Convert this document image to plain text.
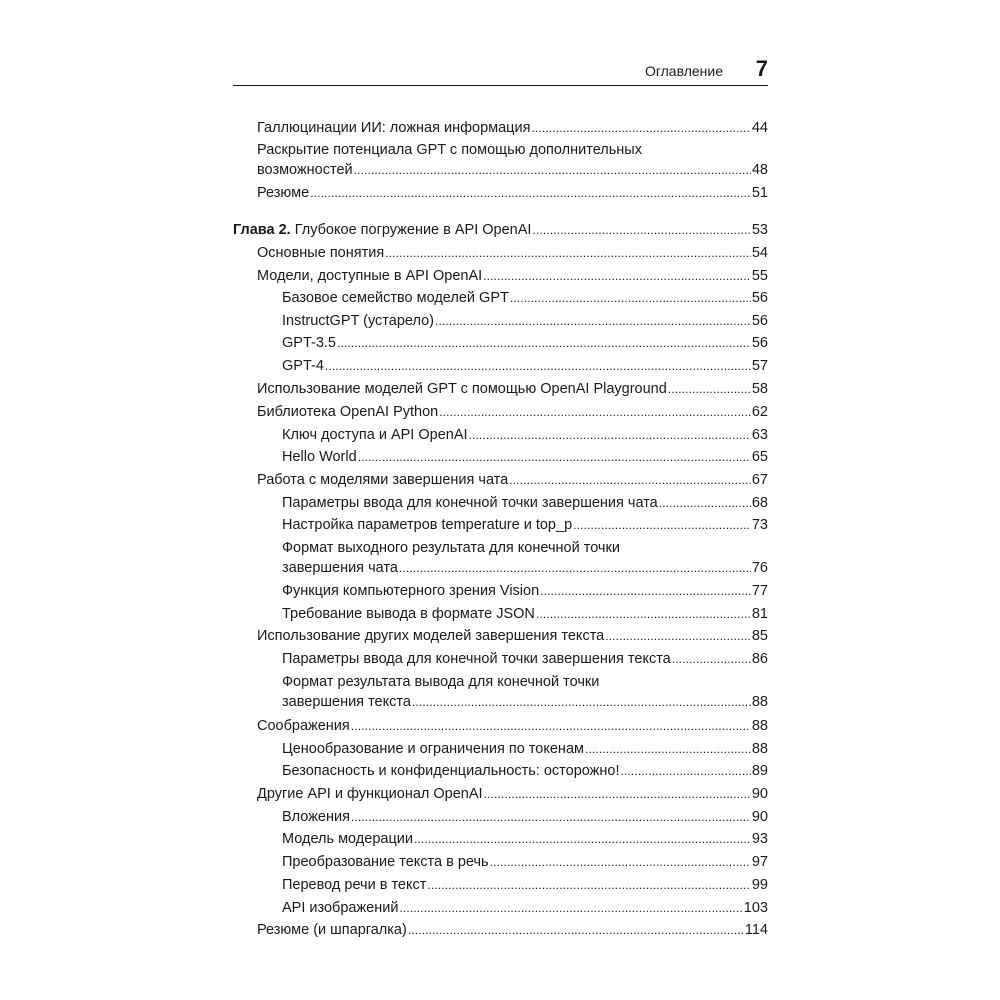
Оглавление 7
Галлюцинации ИИ: ложная информация . . .	44
Раскрытие потенциала GPT с помощью дополнительных
возможностей . . .	48
Резюме . . .	51
Глава 2. Глубокое погружение в API OpenAI . . .	53
Основные понятия . . .	54
Модели, доступные в API OpenAI . . .	55
Базовое семейство моделей GPT . . .	56
InstructGPT (устарело) . . .	56
GPT-3.5 . . .	56
GPT-4 . . .	57
Использование моделей GPT с помощью OpenAI Playground . . .	58
Библиотека OpenAI Python . . .	62
Ключ доступа и API OpenAI . . .	63
Hello World . . .	65
Работа с моделями завершения чата . . .	67
Параметры ввода для конечной точки завершения чата . . .	68
Настройка параметров temperature и top_p . . .	73
Формат выходного результата для конечной точки
завершения чата . . .	76
Функция компьютерного зрения Vision . . .	77
Требование вывода в формате JSON . . .	81
Использование других моделей завершения текста . . .	85
Параметры ввода для конечной точки завершения текста . . .	86
Формат результата вывода для конечной точки
завершения текста . . .	88
Соображения . . .	88
Ценообразование и ограничения по токенам . . .	88
Безопасность и конфиденциальность: осторожно! . . .	89
Другие API и функционал OpenAI . . .	90
Вложения . . .	90
Модель модерации . . .	93
Преобразование текста в речь . . .	97
Перевод речи в текст . . .	99
API изображений . . .	103
Резюме (и шпаргалка) . . .	114
